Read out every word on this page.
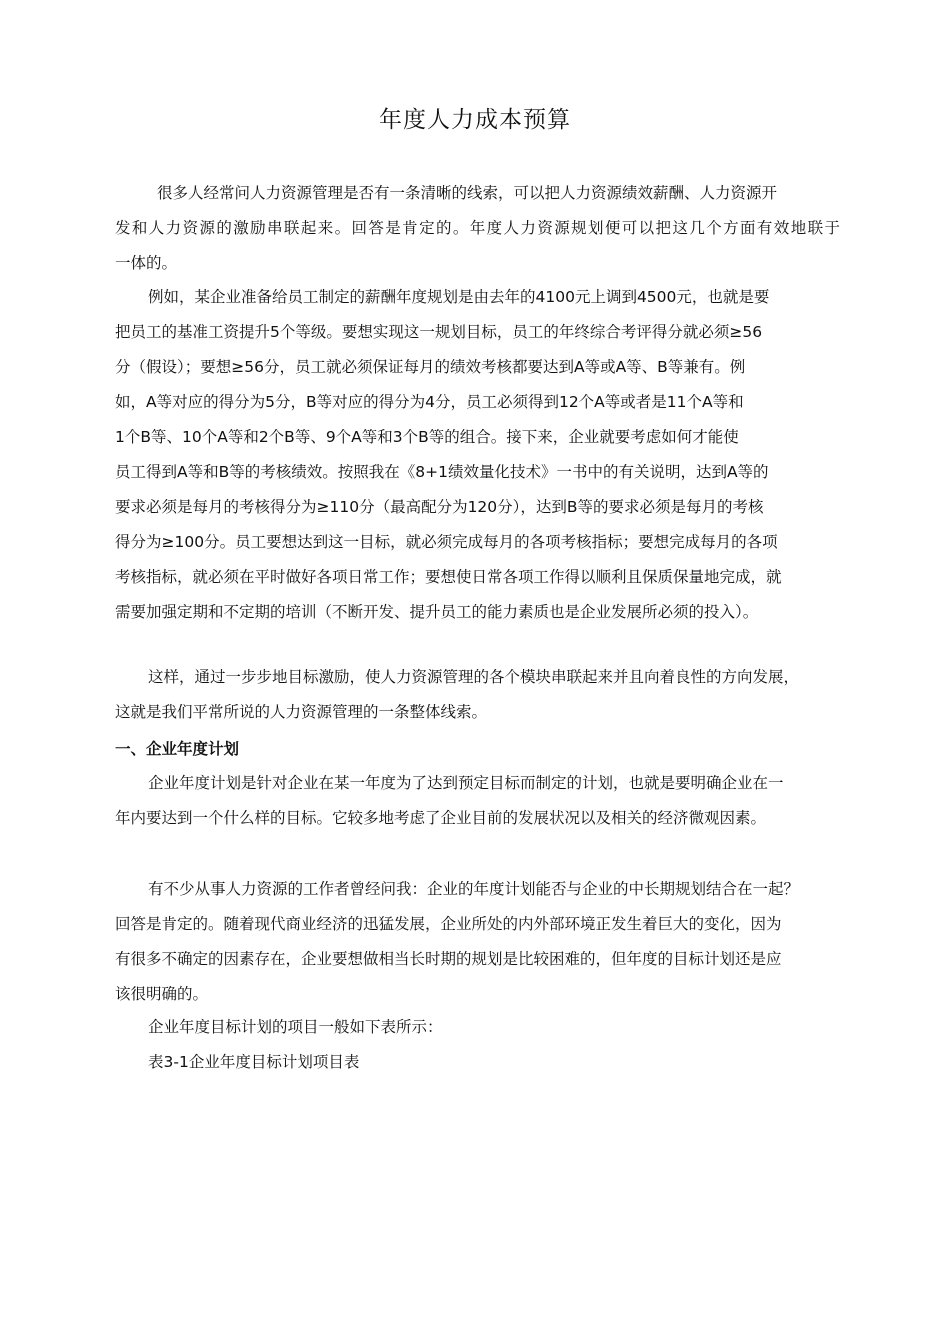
年度人力成本预算
很多人经常问人力资源管理是否有一条清晰的线索，可以把人力资源绩效薪酬、人力资源开
发和人力资源的激励串联起来。回答是肯定的。年度人力资源规划便可以把这几个方面有效地联于
一体的。
例如，某企业准备给员工制定的薪酬年度规划是由去年的4100元上调到4500元，也就是要
把员工的基准工资提升5个等级。要想实现这一规划目标，员工的年终综合考评得分就必须≥56
分（假设）；要想≥56分，员工就必须保证每月的绩效考核都要达到A等或A等、B等兼有。例
如，A等对应的得分为5分，B等对应的得分为4分，员工必须得到12个A等或者是11个A等和
1个B等、10个A等和2个B等、9个A等和3个B等的组合。接下来，企业就要考虑如何才能使
员工得到A等和B等的考核绩效。按照我在《8+1绩效量化技术》一书中的有关说明，达到A等的
要求必须是每月的考核得分为≥110分（最高配分为120分），达到B等的要求必须是每月的考核
得分为≥100分。员工要想达到这一目标，就必须完成每月的各项考核指标；要想完成每月的各项
考核指标，就必须在平时做好各项日常工作；要想使日常各项工作得以顺利且保质保量地完成，就
需要加强定期和不定期的培训（不断开发、提升员工的能力素质也是企业发展所必须的投入）。
这样，通过一步步地目标激励，使人力资源管理的各个模块串联起来并且向着良性的方向发展，
这就是我们平常所说的人力资源管理的一条整体线索。
一、企业年度计划
企业年度计划是针对企业在某一年度为了达到预定目标而制定的计划，也就是要明确企业在一
年内要达到一个什么样的目标。它较多地考虑了企业目前的发展状况以及相关的经济微观因素。
有不少从事人力资源的工作者曾经问我：企业的年度计划能否与企业的中长期规划结合在一起？
回答是肯定的。随着现代商业经济的迅猛发展，企业所处的内外部环境正发生着巨大的变化，因为
有很多不确定的因素存在，企业要想做相当长时期的规划是比较困难的，但年度的目标计划还是应
该很明确的。
企业年度目标计划的项目一般如下表所示：
表3-1企业年度目标计划项目表
